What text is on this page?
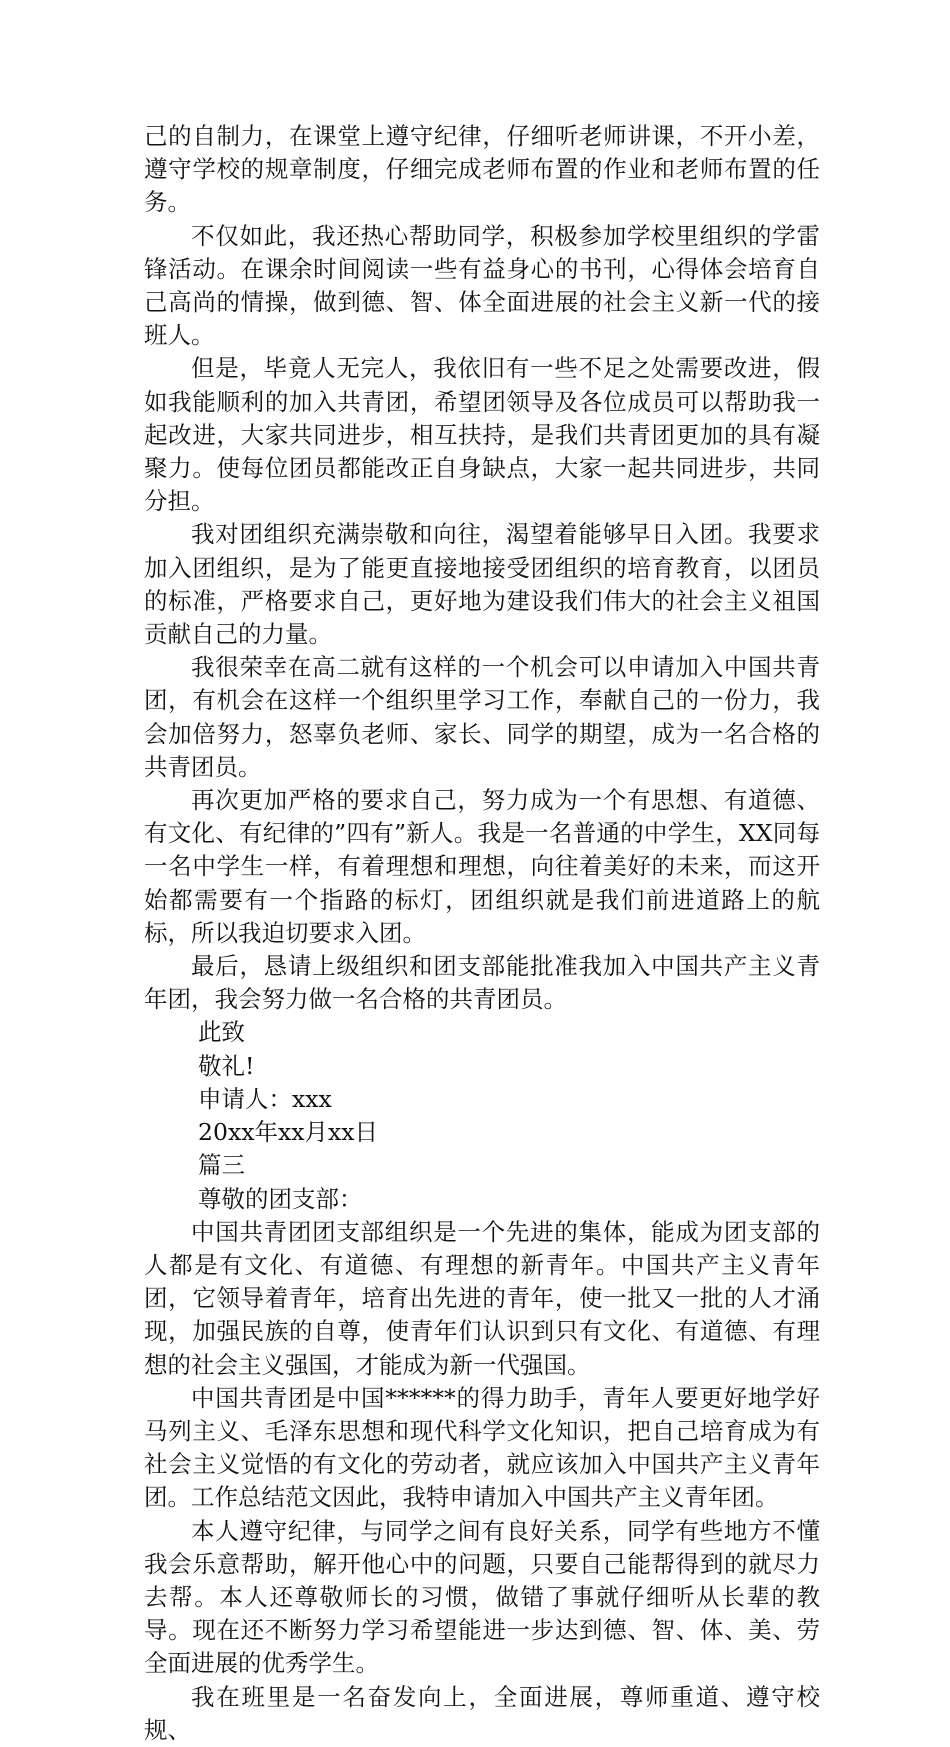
己的自制力，在课堂上遵守纪律，仔细听老师讲课，不开小差，遵守学校的规章制度，仔细完成老师布置的作业和老师布置的任务。

不仅如此，我还热心帮助同学，积极参加学校里组织的学雷锋活动。在课余时间阅读一些有益身心的书刊，心得体会培育自己高尚的情操，做到德、智、体全面进展的社会主义新一代的接班人。

但是，毕竟人无完人，我依旧有一些不足之处需要改进，假如我能顺利的加入共青团，希望团领导及各位成员可以帮助我一起改进，大家共同进步，相互扶持，是我们共青团更加的具有凝聚力。使每位团员都能改正自身缺点，大家一起共同进步，共同分担。

我对团组织充满崇敬和向往，渴望着能够早日入团。我要求加入团组织，是为了能更直接地接受团组织的培育教育，以团员的标准，严格要求自己，更好地为建设我们伟大的社会主义祖国贡献自己的力量。

我很荣幸在高二就有这样的一个机会可以申请加入中国共青团，有机会在这样一个组织里学习工作，奉献自己的一份力，我会加倍努力，怒辜负老师、家长、同学的期望，成为一名合格的共青团员。

再次更加严格的要求自己，努力成为一个有思想、有道德、有文化、有纪律的”四有”新人。我是一名普通的中学生，XX同每一名中学生一样，有着理想和理想，向往着美好的未来，而这开始都需要有一个指路的标灯，团组织就是我们前进道路上的航标，所以我迫切要求入团。

最后，恳请上级组织和团支部能批准我加入中国共产主义青年团，我会努力做一名合格的共青团员。

此致

敬礼!

申请人：xxx

20xx年xx月xx日

篇三

尊敬的团支部：

中国共青团团支部组织是一个先进的集体，能成为团支部的人都是有文化、有道德、有理想的新青年。中国共产主义青年团，它领导着青年，培育出先进的青年，使一批又一批的人才涌现，加强民族的自尊，使青年们认识到只有文化、有道德、有理想的社会主义强国，才能成为新一代强国。

中国共青团是中国******的得力助手，青年人要更好地学好马列主义、毛泽东思想和现代科学文化知识，把自己培育成为有社会主义觉悟的有文化的劳动者，就应该加入中国共产主义青年团。工作总结范文因此，我特申请加入中国共产主义青年团。

本人遵守纪律，与同学之间有良好关系，同学有些地方不懂我会乐意帮助，解开他心中的问题，只要自己能帮得到的就尽力去帮。本人还尊敬师长的习惯，做错了事就仔细听从长辈的教导。现在还不断努力学习希望能进一步达到德、智、体、美、劳全面进展的优秀学生。

我在班里是一名奋发向上，全面进展，尊师重道、遵守校规、
